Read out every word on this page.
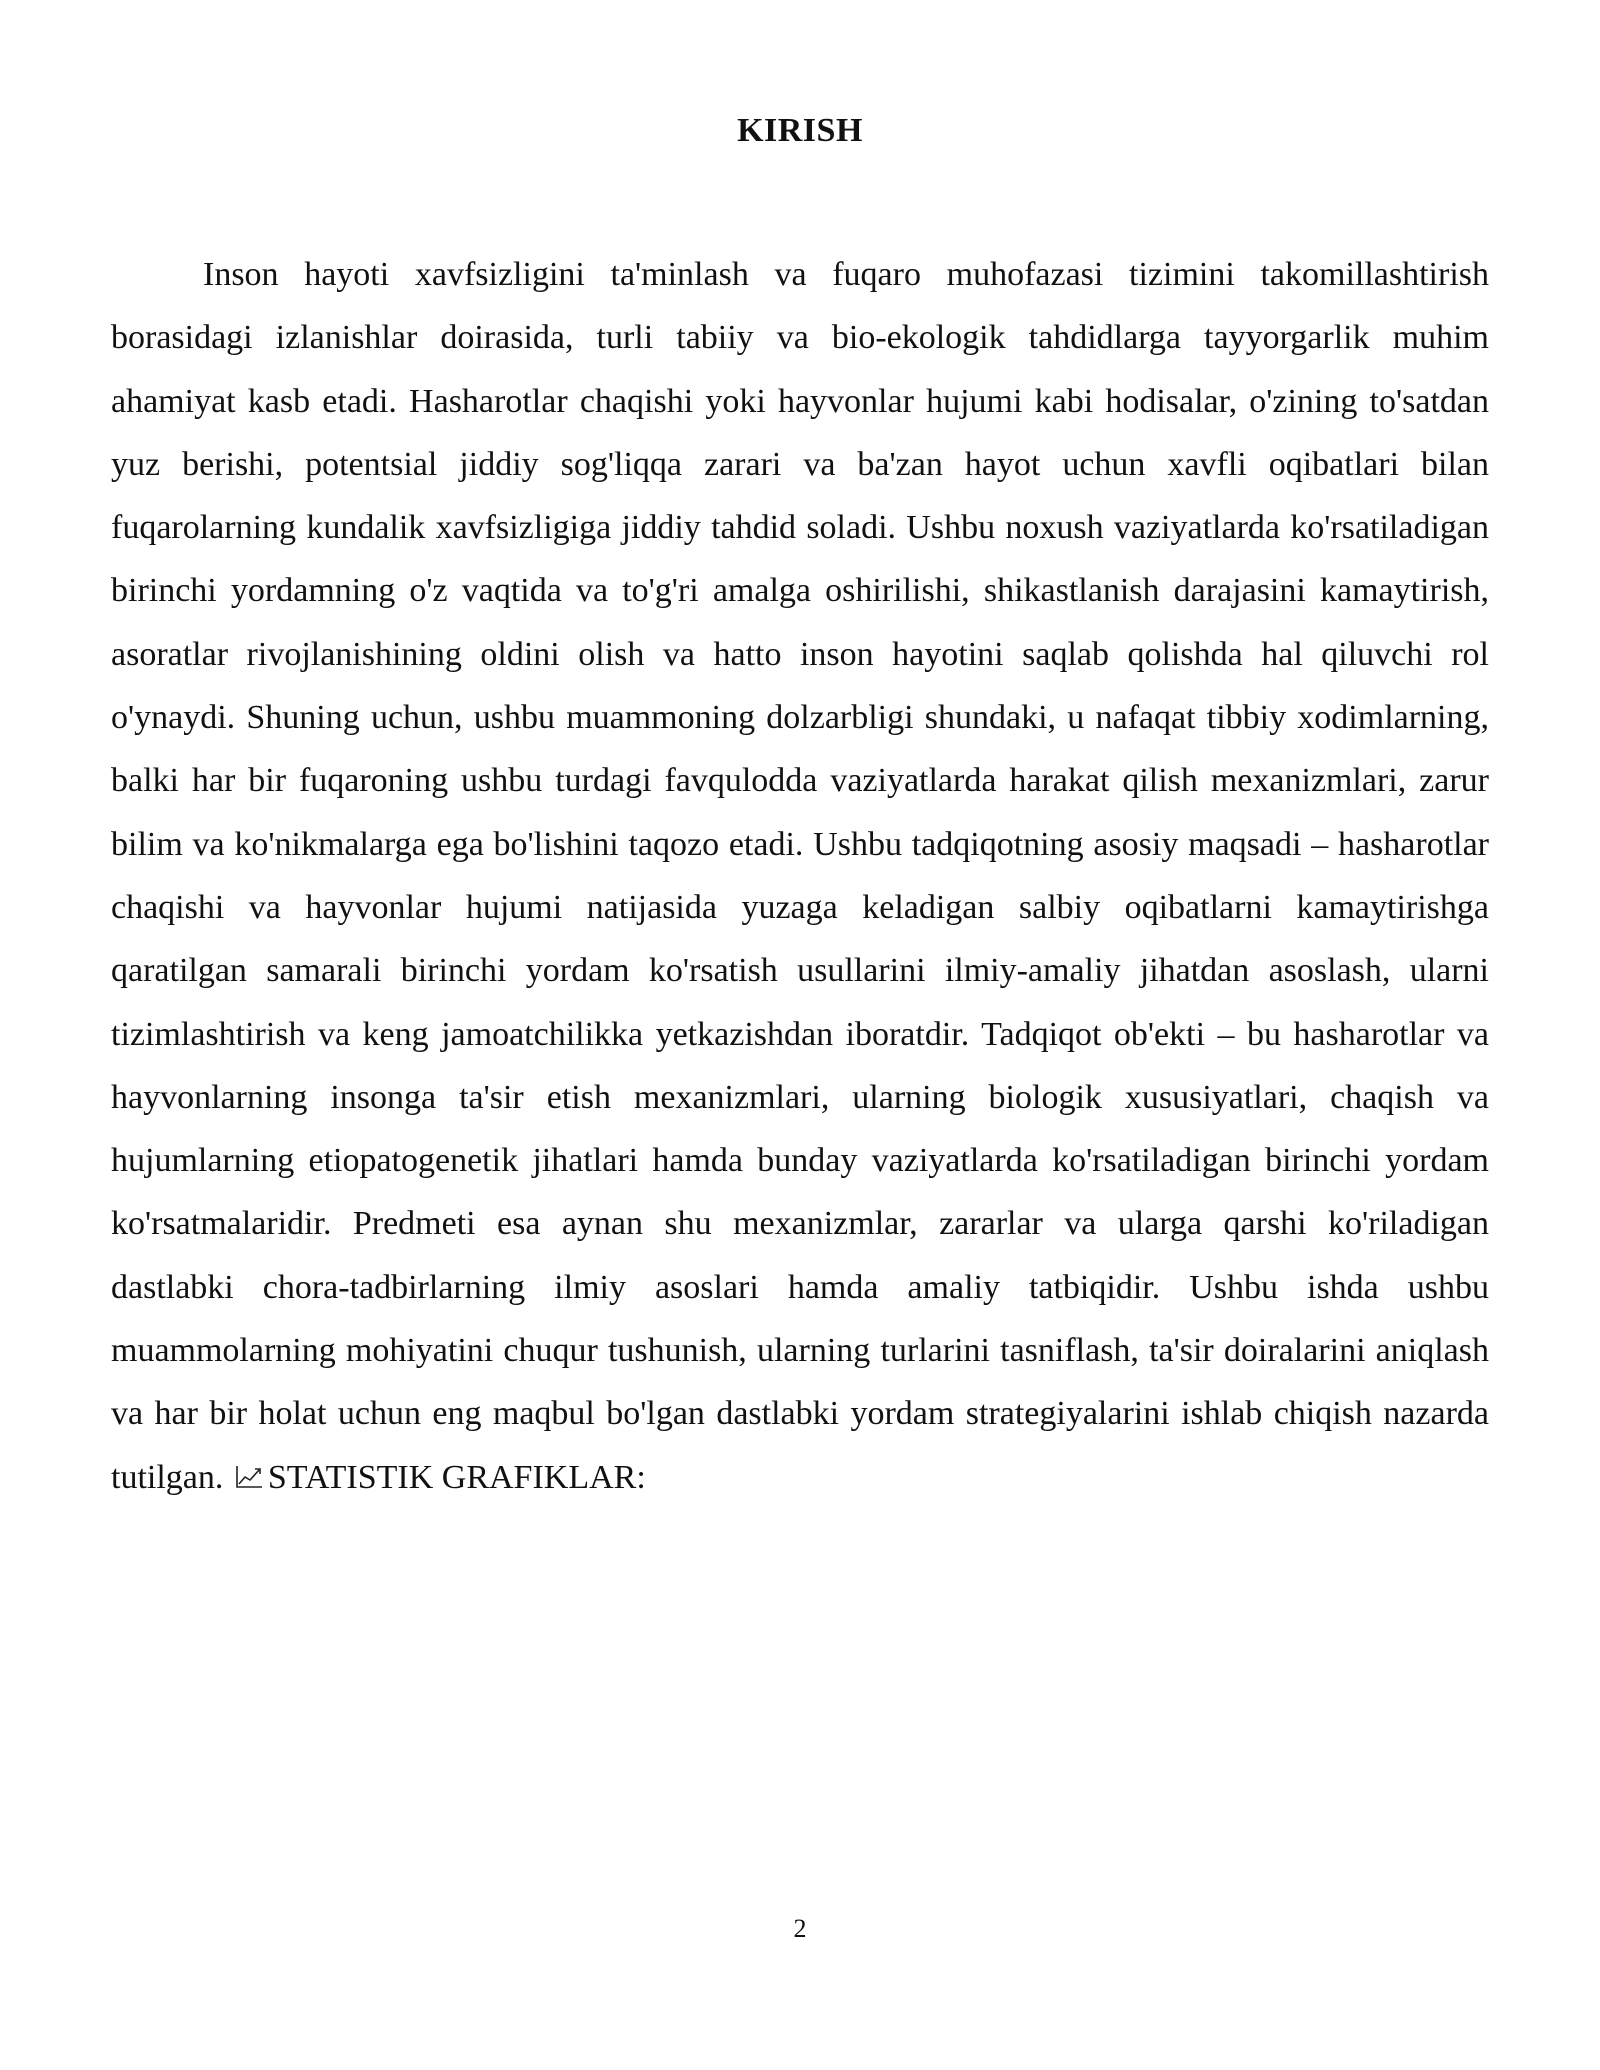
KIRISH

Inson hayoti xavfsizligini ta'minlash va fuqaro muhofazasi tizimini takomillashtirish borasidagi izlanishlar doirasida, turli tabiiy va bio-ekologik tahdidlarga tayyorgarlik muhim ahamiyat kasb etadi. Hasharotlar chaqishi yoki hayvonlar hujumi kabi hodisalar, o'zining to'satdan yuz berishi, potentsial jiddiy sog'liqqa zarari va ba'zan hayot uchun xavfli oqibatlari bilan fuqarolarning kundalik xavfsizligiga jiddiy tahdid soladi. Ushbu noxush vaziyatlarda ko'rsatiladigan birinchi yordamning o'z vaqtida va to'g'ri amalga oshirilishi, shikastlanish darajasini kamaytirish, asoratlar rivojlanishining oldini olish va hatto inson hayotini saqlab qolishda hal qiluvchi rol o'ynaydi. Shuning uchun, ushbu muammoning dolzarbligi shundaki, u nafaqat tibbiy xodimlarning, balki har bir fuqaroning ushbu turdagi favqulodda vaziyatlarda harakat qilish mexanizmlari, zarur bilim va ko'nikmalarga ega bo'lishini taqozo etadi. Ushbu tadqiqotning asosiy maqsadi – hasharotlar chaqishi va hayvonlar hujumi natijasida yuzaga keladigan salbiy oqibatlarni kamaytirishga qaratilgan samarali birinchi yordam ko'rsatish usullarini ilmiy-amaliy jihatdan asoslash, ularni tizimlashtirish va keng jamoatchilikka yetkazishdan iboratdir. Tadqiqot ob'ekti – bu hasharotlar va hayvonlarning insonga ta'sir etish mexanizmlari, ularning biologik xususiyatlari, chaqish va hujumlarning etiopatogenetik jihatlari hamda bunday vaziyatlarda ko'rsatiladigan birinchi yordam ko'rsatmalaridir. Predmeti esa aynan shu mexanizmlar, zararlar va ularga qarshi ko'riladigan dastlabki chora-tadbirlarning ilmiy asoslari hamda amaliy tatbiqidir. Ushbu ishda ushbu muammolarning mohiyatini chuqur tushunish, ularning turlarini tasniflash, ta'sir doiralarini aniqlash va har bir holat uchun eng maqbul bo'lgan dastlabki yordam strategiyalarini ishlab chiqish nazarda tutilgan. STATISTIK GRAFIKLAR:

2
